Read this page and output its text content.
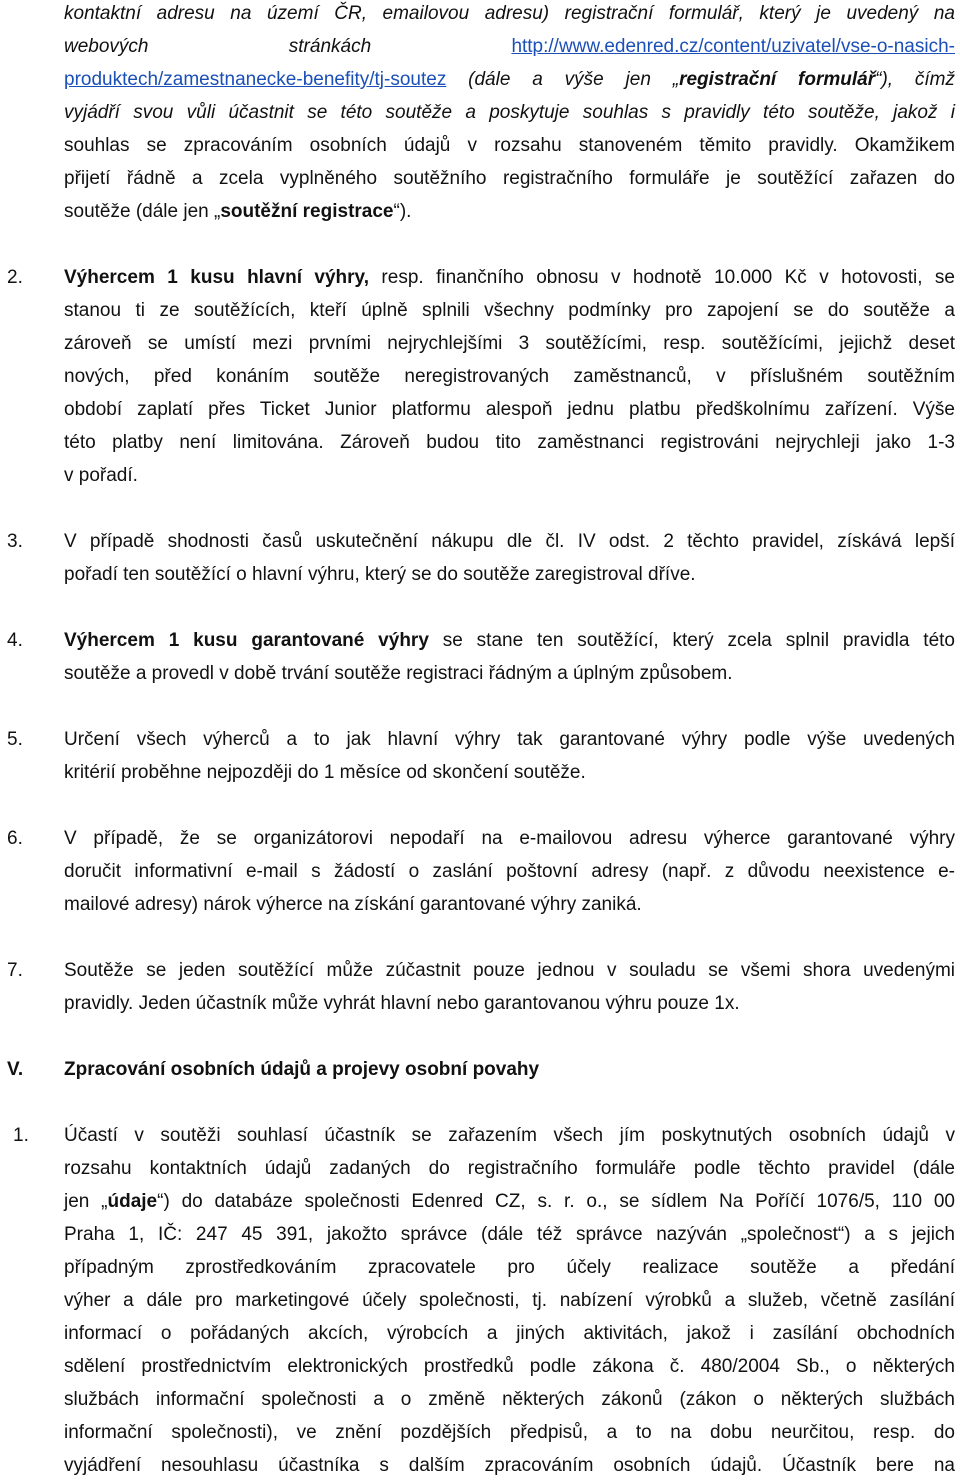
kontaktní adresu na území ČR, emailovou adresu) registrační formulář, který je uvedený na
webových	stránkách	http://www.edenred.cz/content/uzivatel/vse-o-nasich-
produktech/zamestnanecke-benefity/tj-soutez (dále a výše jen „registrační formulář“), čímž
vyjádří svou vůli účastnit se této soutěže a poskytuje souhlas s pravidly této soutěže, jakož i
souhlas se zpracováním osobních údajů v rozsahu stanoveném těmito pravidly. Okamžikem
přijetí řádně a zcela vyplněného soutěžního registračního formuláře je soutěžící zařazen do
soutěže (dále jen „soutěžní registrace“).
2. Výhercem 1 kusu hlavní výhry, resp. finančního obnosu v hodnotě 10.000 Kč v hotovosti, se
stanou ti ze soutěžících, kteří úplně splnili všechny podmínky pro zapojení se do soutěže a
zároveň se umístí mezi prvními nejrychlejšími 3 soutěžícími, resp. soutěžícími, jejichž deset
nových, před konáním soutěže neregistrovaných zaměstnanců, v příslušném soutěžním
období zaplatí přes Ticket Junior platformu alespoň jednu platbu předškolnímu zařízení. Výše
této platby není limitována. Zároveň budou tito zaměstnanci registrováni nejrychleji jako 1-3
v pořadí.
3. V případě shodnosti časů uskutečnění nákupu dle čl. IV odst. 2 těchto pravidel, získává lepší
pořadí ten soutěžící o hlavní výhru, který se do soutěže zaregistroval dříve.
4. Výhercem 1 kusu garantované výhry se stane ten soutěžící, který zcela splnil pravidla této
soutěže a provedl v době trvání soutěže registraci řádným a úplným způsobem.
5. Určení všech výherců a to jak hlavní výhry tak garantované výhry podle výše uvedených
kritérií proběhne nejpozději do 1 měsíce od skončení soutěže.
6. V případě, že se organizátorovi nepodaří na e-mailovou adresu výherce garantované výhry
doručit informativní e-mail s žádostí o zaslání poštovní adresy (např. z důvodu neexistence e-
mailové adresy) nárok výherce na získání garantované výhry zaniká.
7. Soutěže se jeden soutěžící může zúčastnit pouze jednou v souladu se všemi shora uvedenými
pravidly. Jeden účastník může vyhrát hlavní nebo garantovanou výhru pouze 1x.
V. Zpracování osobních údajů a projevy osobní povahy
1. Účastí v soutěži souhlasí účastník se zařazením všech jím poskytnutých osobních údajů v
rozsahu kontaktních údajů zadaných do registračního formuláře podle těchto pravidel (dále
jen „údaje“) do databáze společnosti Edenred CZ, s. r. o., se sídlem Na Poříčí 1076/5, 110 00
Praha 1, IČ: 247 45 391, jakožto správce (dále též správce nazýván „společnost“) a s jejich
případným zprostředkováním zpracovatele pro účely realizace soutěže a předání
výher a dále pro marketingové účely společnosti, tj. nabízení výrobků a služeb, včetně zasílání
informací o pořádaných akcích, výrobcích a jiných aktivitách, jakož i zasílání obchodních
sdělení prostřednictvím elektronických prostředků podle zákona č. 480/2004 Sb., o některých
službách informační společnosti a o změně některých zákonů (zákon o některých službách
informační společnosti), ve znění pozdějších předpisů, a to na dobu neurčitou, resp. do
vyjádření nesouhlasu účastníka s dalším zpracováním osobních údajů. Účastník bere na
